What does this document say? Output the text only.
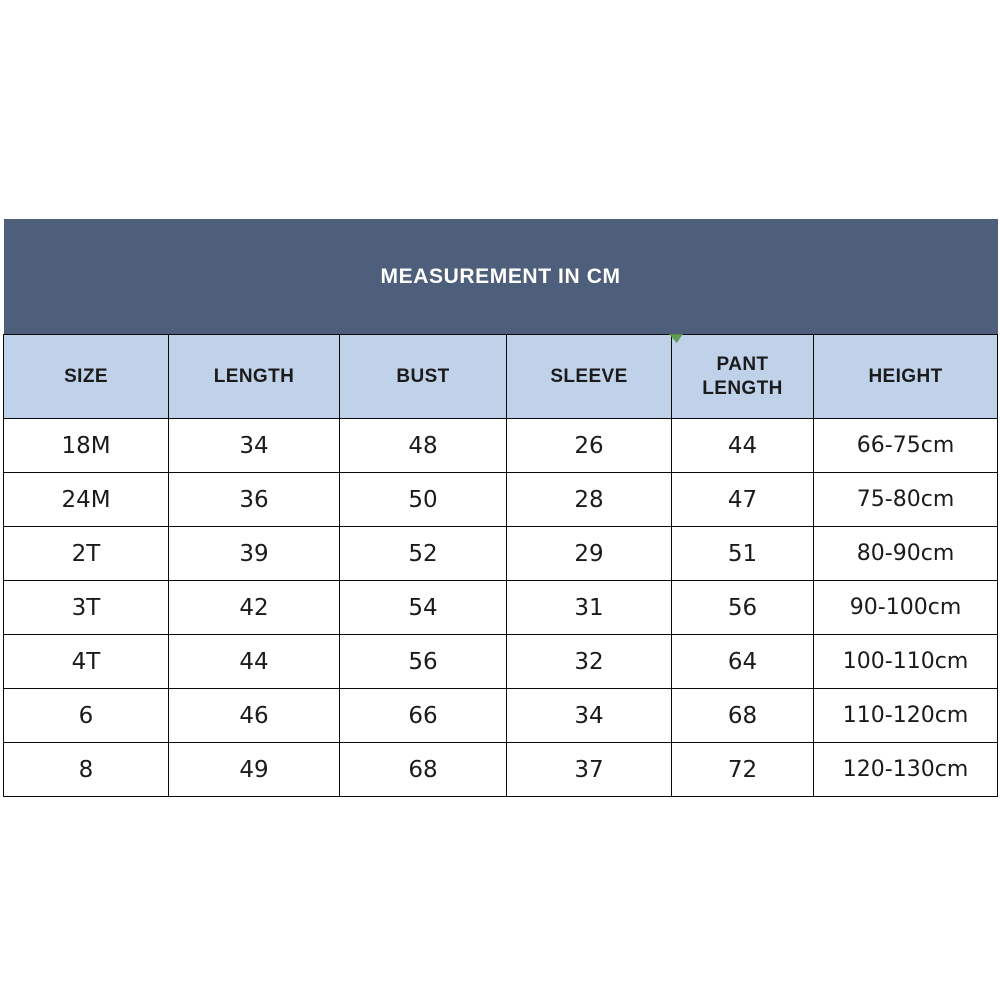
MEASUREMENT IN CM					
SIZE	LENGTH	BUST	SLEEVE	PANT LENGTH	HEIGHT
18M	34	48	26	44	66-75cm
24M	36	50	28	47	75-80cm
2T	39	52	29	51	80-90cm
3T	42	54	31	56	90-100cm
4T	44	56	32	64	100-110cm
6	46	66	34	68	110-120cm
8	49	68	37	72	120-130cm
